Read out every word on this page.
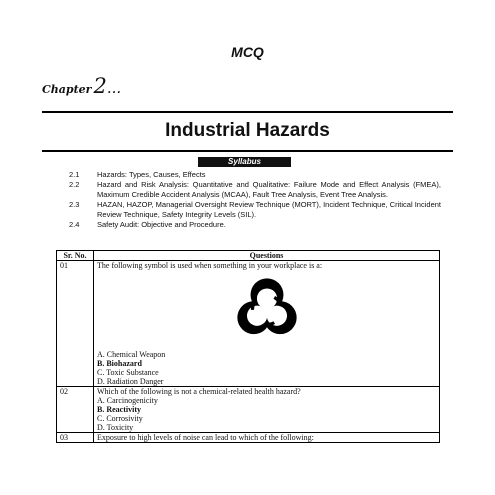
MCQ
Chapter2...
Industrial Hazards
Syllabus
2.1	Hazards: Types, Causes, Effects
2.2	Hazard and Risk Analysis: Quantitative and Qualitative: Failure Mode and Effect Analysis (FMEA), Maximum Credible Accident Analysis (MCAA), Fault Tree Analysis, Event Tree Analysis.
2.3	HAZAN, HAZOP, Managerial Oversight Review Technique (MORT), Incident Technique, Critical Incident Review Technique, Safety Integrity Levels (SIL).
2.4	Safety Audit: Objective and Procedure.
Sr. No.	Questions
01	The following symbol is used when something in your workplace is a:
A. Chemical Weapon
B. Biohazard
C. Toxic Substance
D. Radiation Danger

02	Which of the following is not a chemical-related health hazard?
A. Carcinogenicity
B. Reactivity
C. Corrosivity
D. Toxicity

03	Exposure to high levels of noise can lead to which of the following:
